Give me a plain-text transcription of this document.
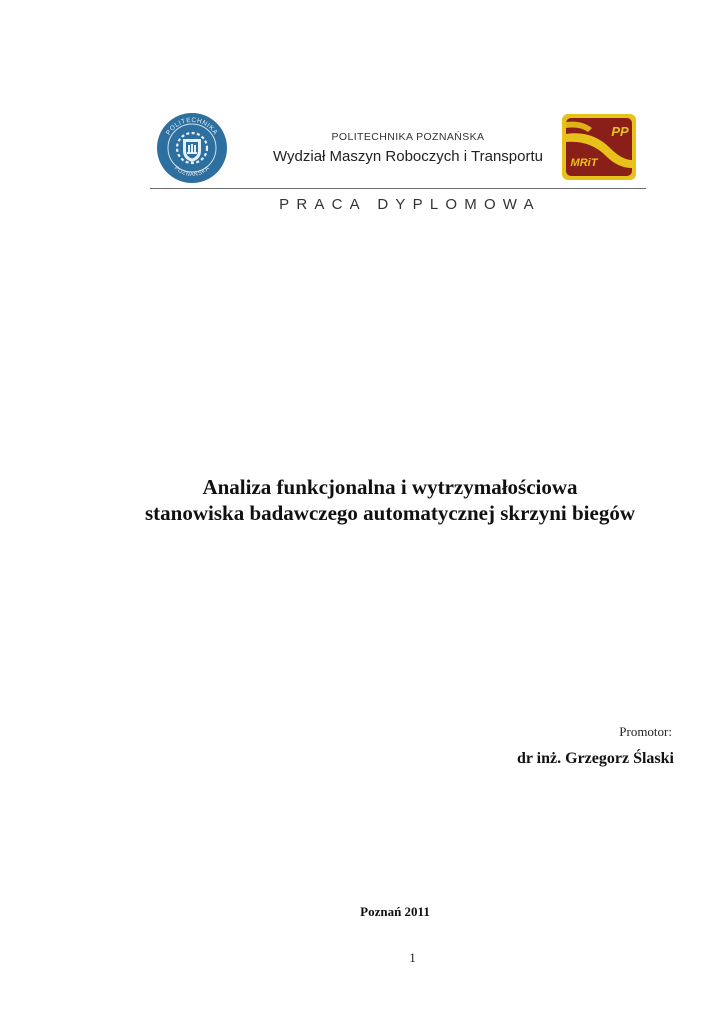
POLITECHNIKA
POZNAŃSKA
POLITECHNIKA POZNAŃSKA
Wydział Maszyn Roboczych i Transportu
PP
MRiT
PRACA DYPLOMOWA
Analiza funkcjonalna i wytrzymałościowa
stanowiska badawczego automatycznej skrzyni biegów
Promotor:
dr inż. Grzegorz Ślaski
Poznań 2011
1
